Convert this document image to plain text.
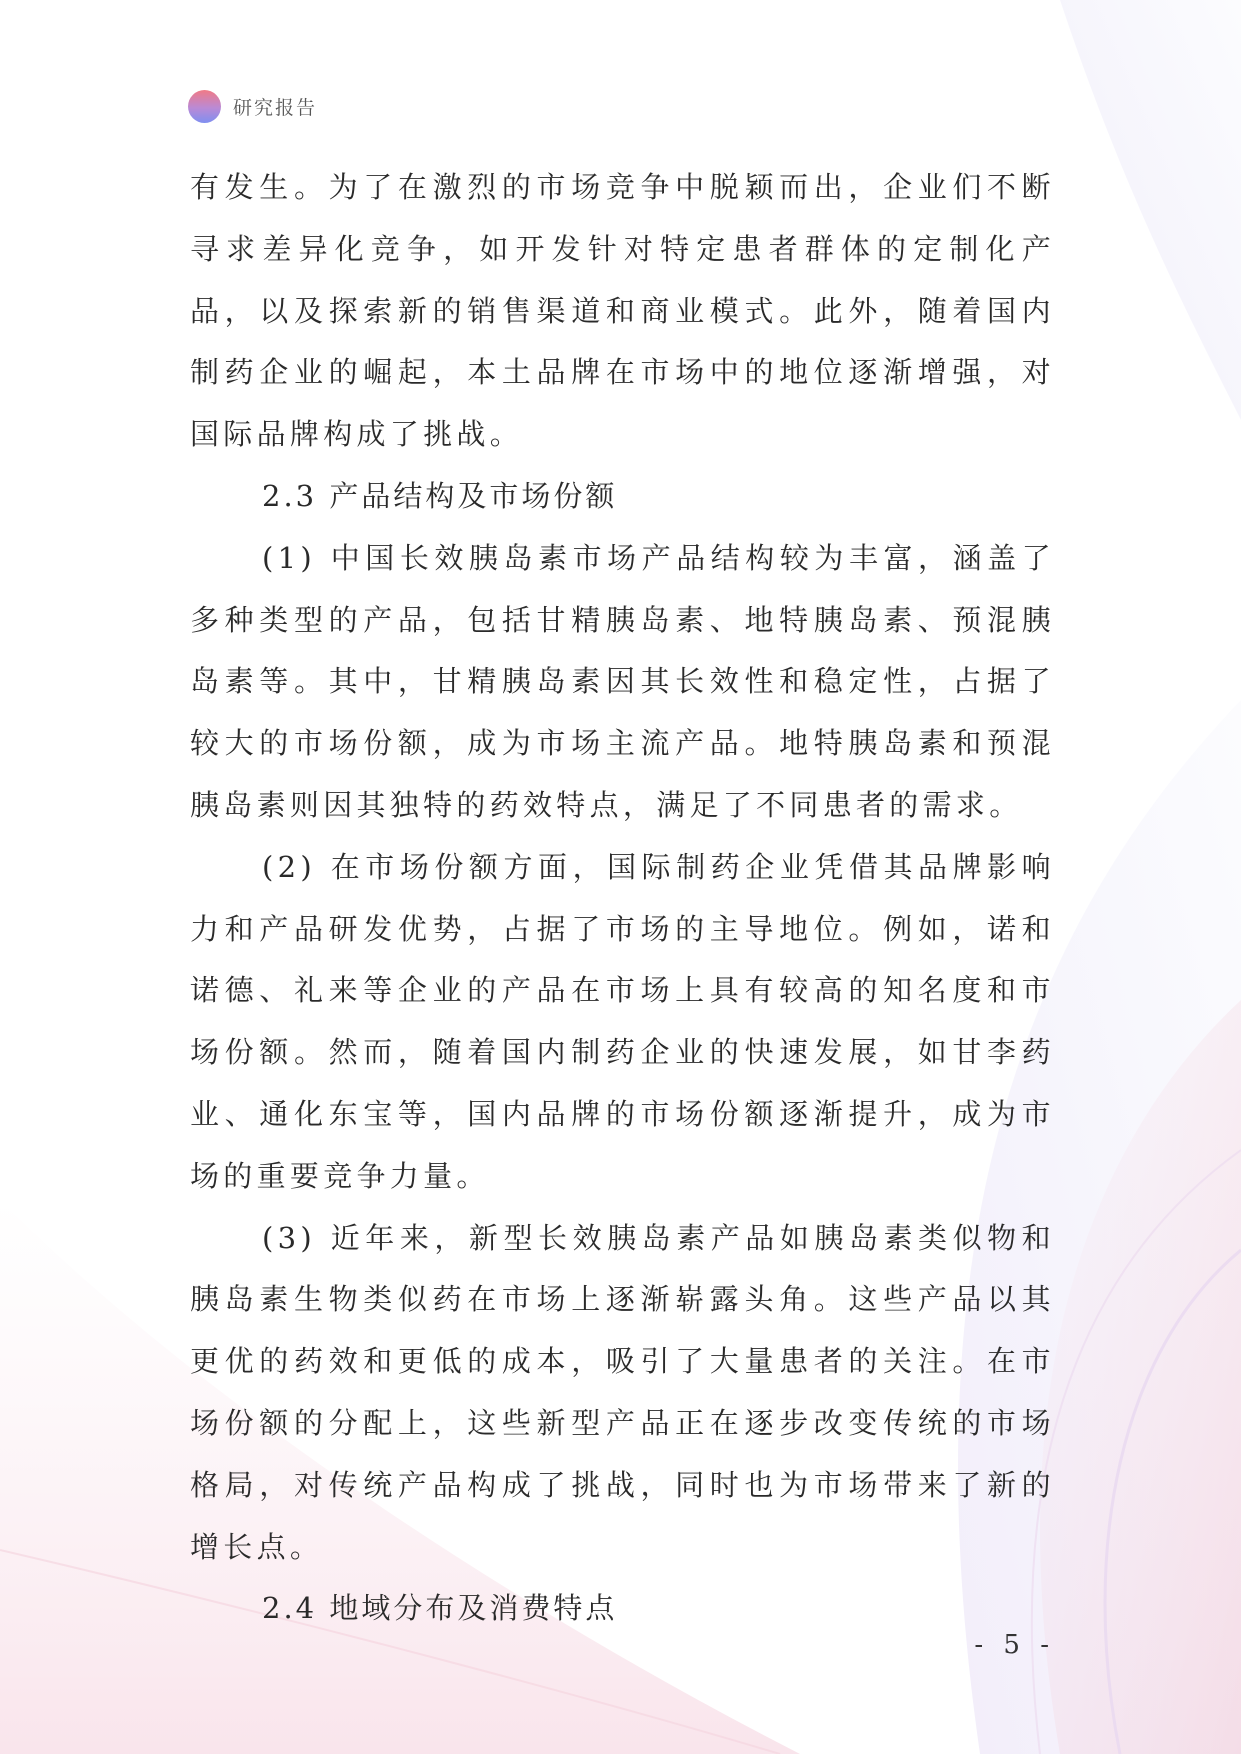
研究报告

有发生。为了在激烈的市场竞争中脱颖而出，企业们不断寻求差异化竞争，如开发针对特定患者群体的定制化产品，以及探索新的销售渠道和商业模式。此外，随着国内制药企业的崛起，本土品牌在市场中的地位逐渐增强，对国际品牌构成了挑战。

2.3 产品结构及市场份额

(1) 中国长效胰岛素市场产品结构较为丰富，涵盖了多种类型的产品，包括甘精胰岛素、地特胰岛素、预混胰岛素等。其中，甘精胰岛素因其长效性和稳定性，占据了较大的市场份额，成为市场主流产品。地特胰岛素和预混胰岛素则因其独特的药效特点，满足了不同患者的需求。

(2) 在市场份额方面，国际制药企业凭借其品牌影响力和产品研发优势，占据了市场的主导地位。例如，诺和诺德、礼来等企业的产品在市场上具有较高的知名度和市场份额。然而，随着国内制药企业的快速发展，如甘李药业、通化东宝等，国内品牌的市场份额逐渐提升，成为市场的重要竞争力量。

(3) 近年来，新型长效胰岛素产品如胰岛素类似物和胰岛素生物类似药在市场上逐渐崭露头角。这些产品以其更优的药效和更低的成本，吸引了大量患者的关注。在市场份额的分配上，这些新型产品正在逐步改变传统的市场格局，对传统产品构成了挑战，同时也为市场带来了新的增长点。

2.4 地域分布及消费特点

- 5 -
